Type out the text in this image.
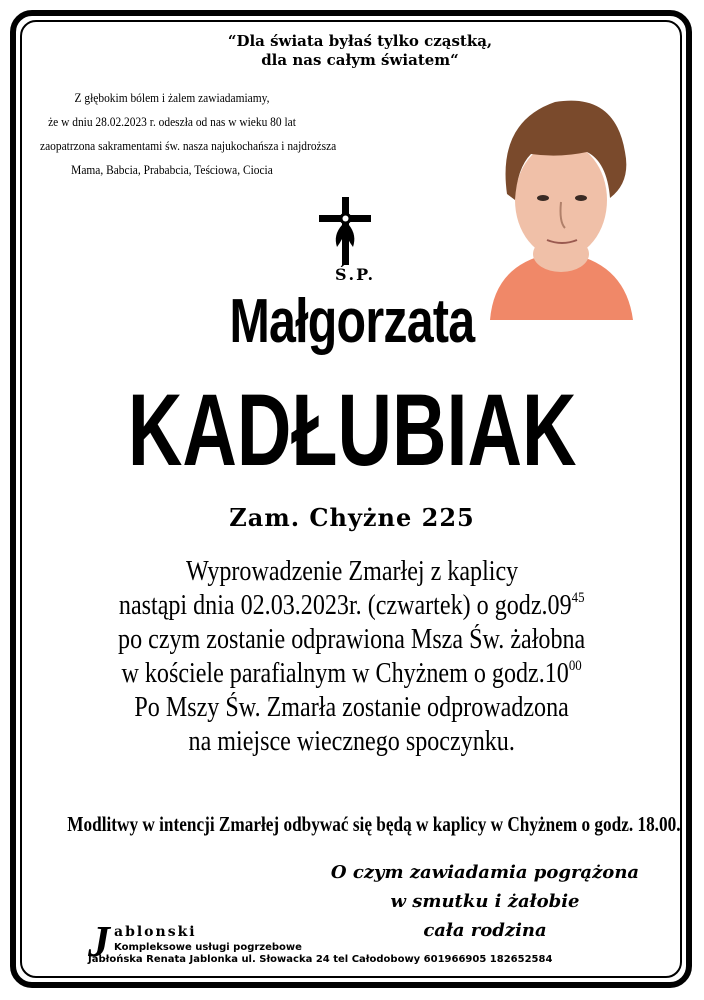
“Dla świata byłaś tylko cząstką,
dla nas całym światem“
Z głębokim bólem i żalem zawiadamiamy,
że w dniu 28.02.2023 r. odeszła od nas w wieku 80 lat
zaopatrzona sakramentami św. nasza najukochańsza i najdroższa
Mama, Babcia, Prababcia, Teściowa, Ciocia
Ś.P.
Małgorzata
KADŁUBIAK
Zam. Chyżne 225
Wyprowadzenie Zmarłej z kaplicy
nastąpi dnia 02.03.2023r. (czwartek) o $godz.09^{45}$
po czym zostanie odprawiona Msza Św. żałobna
w kościele parafialnym w Chyżnem o $godz.10^{00}$
Po Mszy Św. Zmarła zostanie odprowadzona
na miejsce wiecznego spoczynku.
Modlitwy w intencji Zmarłej odbywać się będą w kaplicy w Chyżnem o godz. 18.00.
O czym zawiadamia pogrążona
w smutku i żałobie
cała rodzina
J ablonski
Kompleksowe usługi pogrzebowe
Jabłońska Renata Jablonka ul. Słowacka 24 tel Całodobowy 601966905 182652584
